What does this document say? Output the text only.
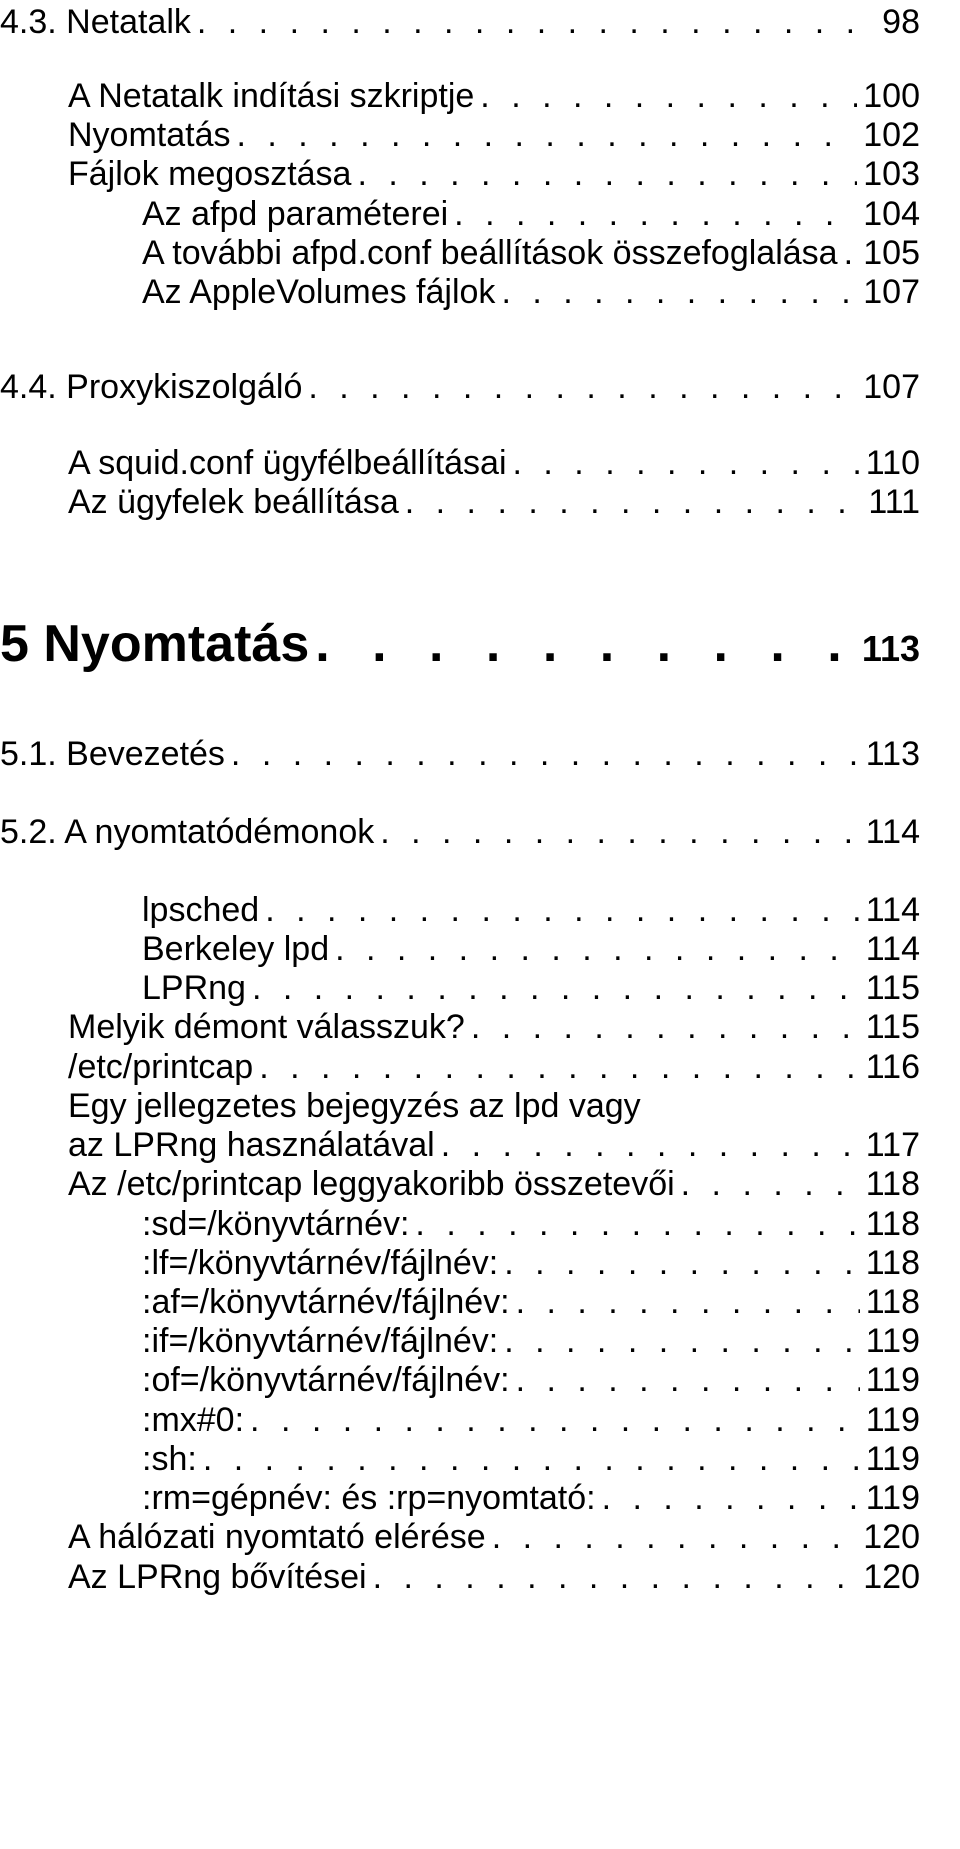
4.3. Netatalk . . .	98
A Netatalk indítási szkriptje . . .	100
Nyomtatás . . .	102
Fájlok megosztása . . .	103
Az afpd paraméterei . . .	104
A további afpd.conf beállítások összefoglalása . . . 105
Az AppleVolumes fájlok . . .	107
4.4. Proxykiszolgáló . . .	107
A squid.conf ügyfélbeállításai . . .	110
Az ügyfelek beállítása . . .	111
5 Nyomtatás . . .	113
5.1. Bevezetés . . .	113
5.2. A nyomtatódémonok . . .	114
lpsched . . .	114
Berkeley lpd . . .	114
LPRng . . .	115
Melyik démont válasszuk? . . .	115
/etc/printcap . . .	116
Egy jellegzetes bejegyzés az lpd vagy
az LPRng használatával . . .	117
Az /etc/printcap leggyakoribb összetevői . . .	118
:sd=/könyvtárnév: . . .	118
:lf=/könyvtárnév/fájlnév: . . .	118
:af=/könyvtárnév/fájlnév: . . .	118
:if=/könyvtárnév/fájlnév: . . .	119
:of=/könyvtárnév/fájlnév: . . .	119
:mx#0: . . .	119
:sh: . . .	119
:rm=gépnév: és :rp=nyomtató: . . .	119
A hálózati nyomtató elérése . . .	120
Az LPRng bővítései . . .	120
